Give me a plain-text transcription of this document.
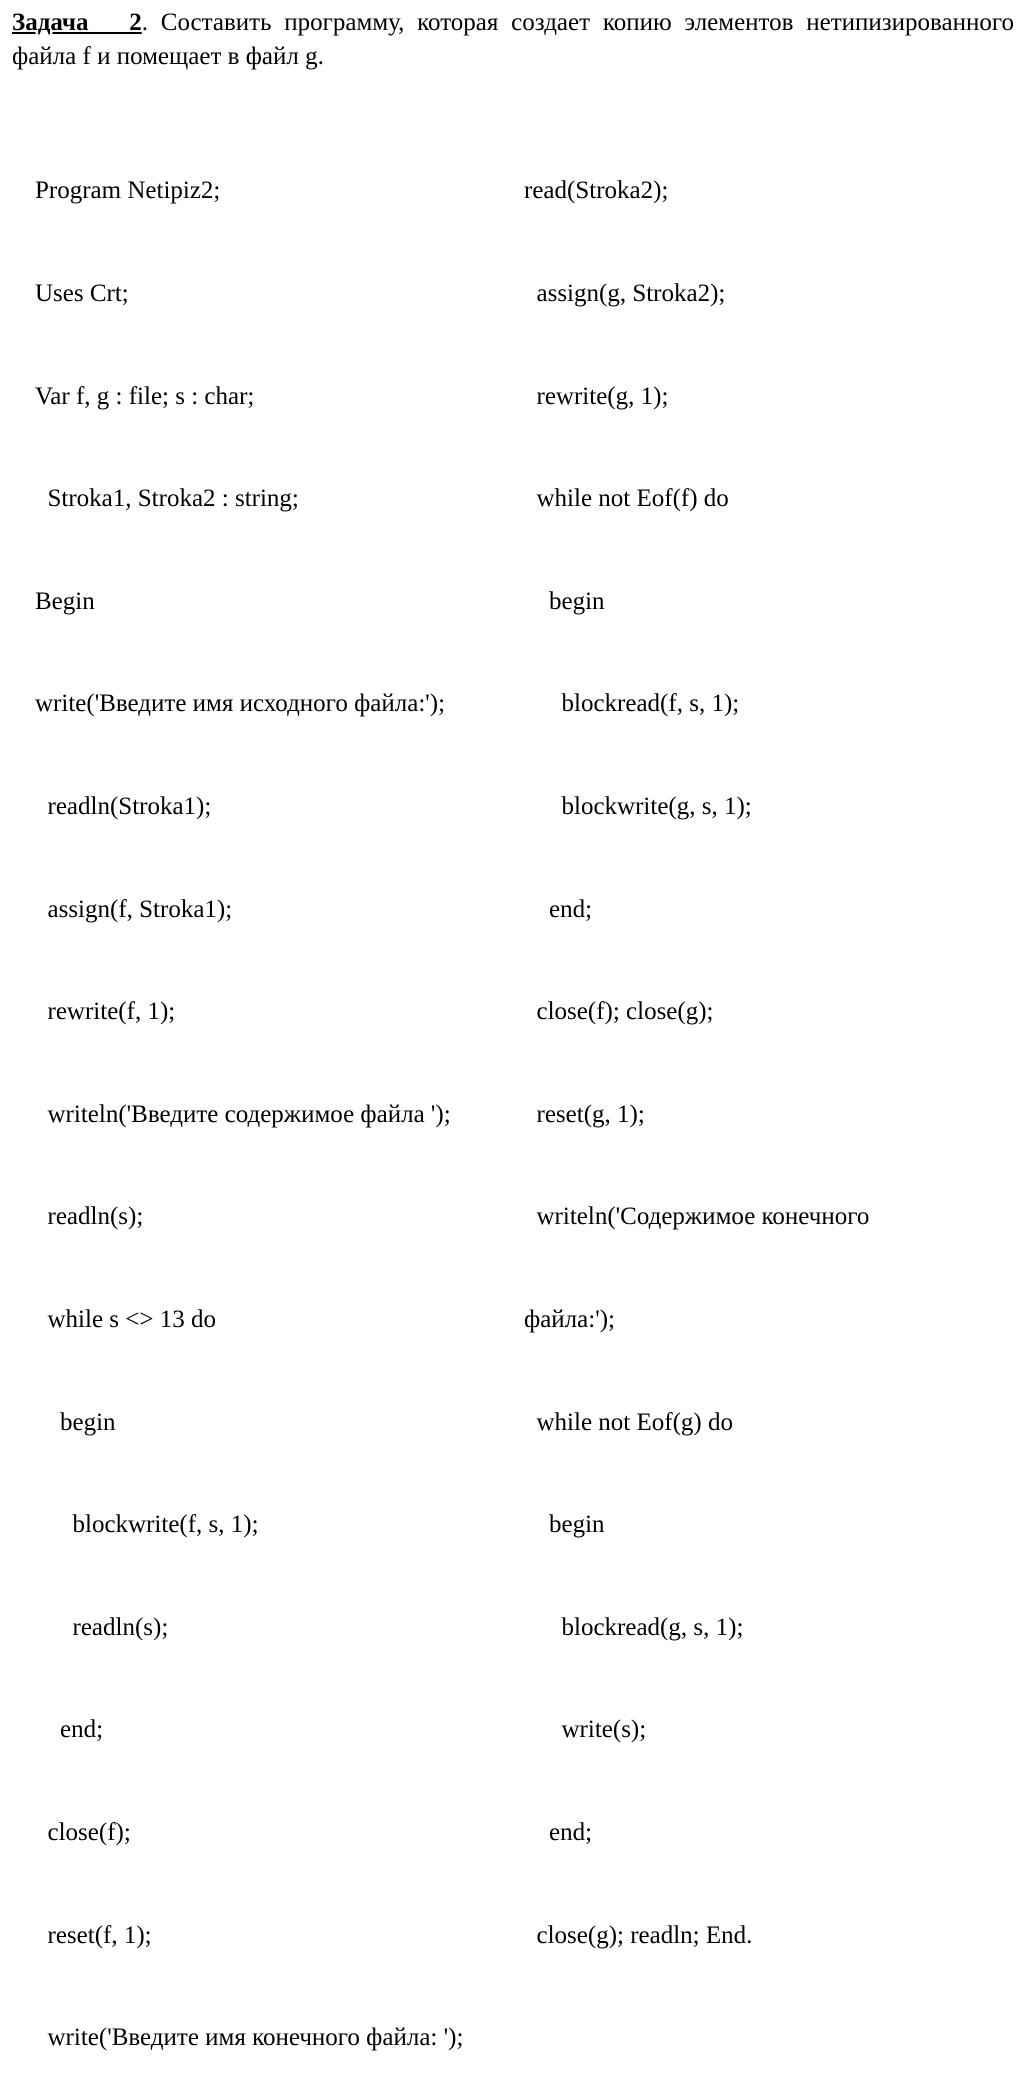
Задача 2. Составить программу, которая создает копию элементов нетипизированного файла f и помещает в файл g.

Program Netipiz2;

Uses Crt;

Var f, g : file; s : char;

Stroka1, Stroka2 : string;

Begin

write('Введите имя исходного файла:');

readln(Stroka1);

assign(f, Stroka1);

rewrite(f, 1);

writeln('Введите содержимое файла ');

readln(s);

while s <> 13 do

begin

blockwrite(f, s, 1);

readln(s);

end;

close(f);

reset(f, 1);

write('Введите имя конечного файла: ');

read(Stroka2);

assign(g, Stroka2);

rewrite(g, 1);

while not Eof(f) do

begin

blockread(f, s, 1);

blockwrite(g, s, 1);

end;

close(f); close(g);

reset(g, 1);

writeln('Содержимое конечного

файла:');

while not Eof(g) do

begin

blockread(g, s, 1);

write(s);

end;

close(g); readln; End.
